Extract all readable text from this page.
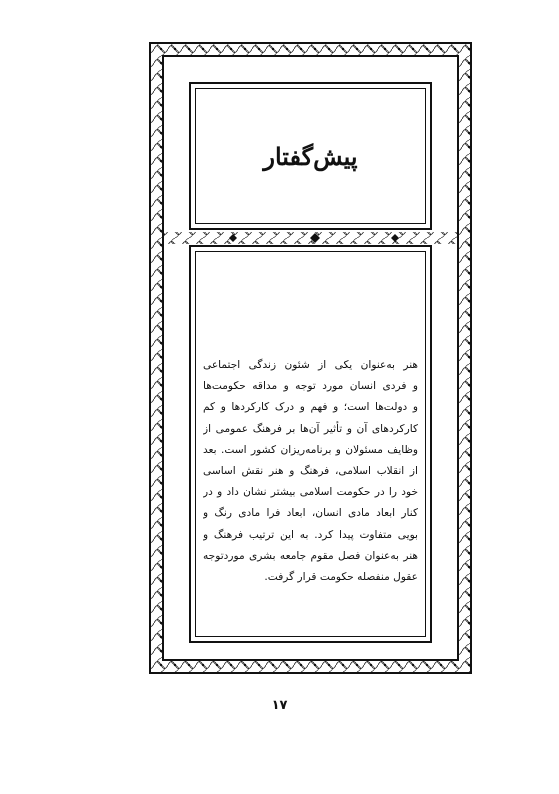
پیش‌گفتار
هنر به‌عنوان یکی از شئون زندگی اجتماعی
و فردی انسان مورد توجه و مداقه حکومت‌ها
و دولت‌ها است؛ و فهم و درک کارکردها و کم
کارکردهای آن و تأثیر آن‌ها بر فرهنگ عمومی از
وظایف مسئولان و برنامه‌ریزان کشور است. بعد
از انقلاب اسلامی، فرهنگ و هنر نقش اساسی
خود را در حکومت اسلامی بیشتر نشان داد و در
کنار ابعاد مادی انسان، ابعاد فرا مادی رنگ و
بویی متفاوت پیدا کرد. به این ترتیب فرهنگ و
هنر به‌عنوان فصل مقوم جامعه بشری موردتوجه
عقول منفصله حکومت قرار گرفت.
۱۷
